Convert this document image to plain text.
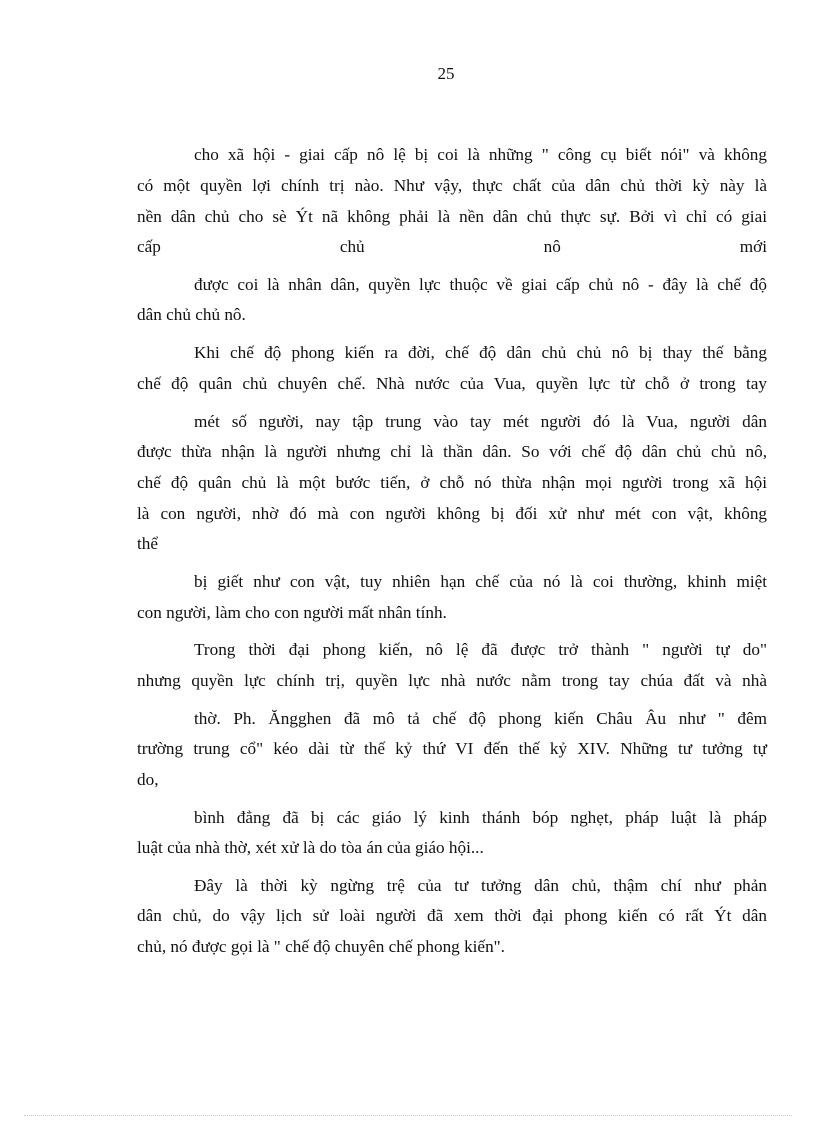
25
cho xã hội - giai cấp nô lệ bị coi là những " công cụ biết nói" và không
có một quyền lợi chính trị nào. Như vậy, thực chất của dân chủ thời kỳ này là
nền dân chủ cho sè Ýt nã không phải là nền dân chủ thực sự. Bởi vì chỉ có giai
cấp chủ nô mới
được coi là nhân dân, quyền lực thuộc về giai cấp chủ nô - đây là chế độ
dân chủ chủ nô.
Khi chế độ phong kiến ra đời, chế độ dân chủ chủ nô bị thay thế bằng
chế độ quân chủ chuyên chế. Nhà nước của Vua, quyền lực từ chỗ ở trong tay
mét số người, nay tập trung vào tay mét người đó là Vua, người dân
được thừa nhận là người nhưng chỉ là thần dân. So với chế độ dân chủ chủ nô,
chế độ quân chủ là một bước tiến, ở chỗ nó thừa nhận mọi người trong xã hội
là con người, nhờ đó mà con người không bị đối xử như mét con vật, không
thể
bị giết như con vật, tuy nhiên hạn chế của nó là coi thường, khinh miệt
con người, làm cho con người mất nhân tính.
Trong thời đại phong kiến, nô lệ đã được trở thành " người tự do"
nhưng quyền lực chính trị, quyền lực nhà nước nằm trong tay chúa đất và nhà
thờ. Ph. Ăngghen đã mô tả chế độ phong kiến Châu Âu như " đêm
trường trung cổ" kéo dài từ thế kỷ thứ VI đến thế kỷ XIV. Những tư tưởng tự
do,
bình đẳng đã bị các giáo lý kinh thánh bóp nghẹt, pháp luật là pháp
luật của nhà thờ, xét xử là do tòa án của giáo hội...
Đây là thời kỳ ngừng trệ của tư tưởng dân chủ, thậm chí như phản
dân chủ, do vậy lịch sử loài người đã xem thời đại phong kiến có rất Ýt dân
chủ, nó được gọi là " chế độ chuyên chế phong kiến".
